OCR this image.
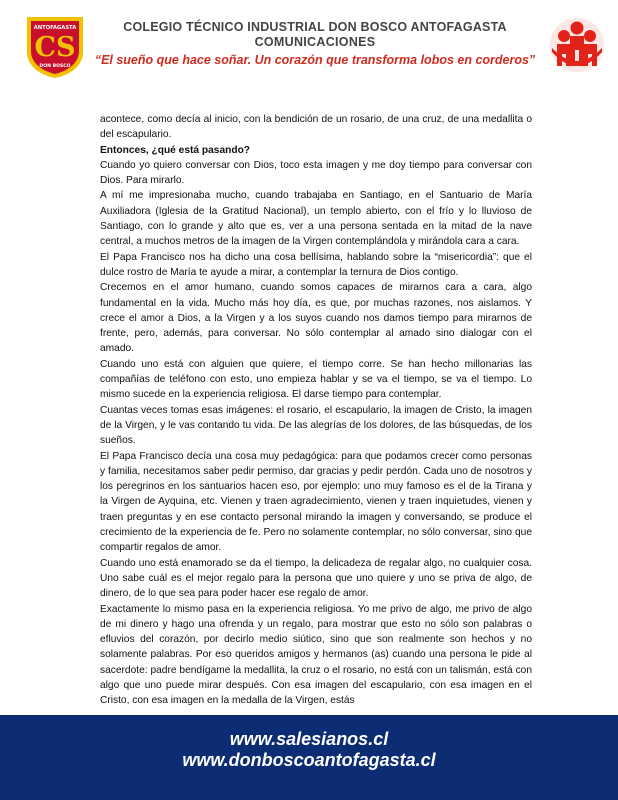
ANTOFAGASTA
CS
DON BOSCO
COLEGIO TÉCNICO INDUSTRIAL DON BOSCO ANTOFAGASTA
COMUNICACIONES
“El sueño que hace soñar. Un corazón que transforma lobos en corderos”

acontece, como decía al inicio, con la bendición de un rosario, de una cruz, de una medallita o del escapulario.

Entonces, ¿qué está pasando?

Cuando yo quiero conversar con Dios, toco esta imagen y me doy tiempo para conversar con Dios. Para mirarlo.

A mí me impresionaba mucho, cuando trabajaba en Santiago, en el Santuario de María Auxiliadora (Iglesia de la Gratitud Nacional), un templo abierto, con el frío y lo lluvioso de Santiago, con lo grande y alto que es, ver a una persona sentada en la mitad de la nave central, a muchos metros de la imagen de la Virgen contemplándola y mirándola cara a cara.

El Papa Francisco nos ha dicho una cosa bellísima, hablando sobre la “misericordia”: que el dulce rostro de María te ayude a mirar, a contemplar la ternura de Dios contigo.

Crecemos en el amor humano, cuando somos capaces de mirarnos cara a cara, algo fundamental en la vida. Mucho más hoy día, es que, por muchas razones, nos aislamos. Y crece el amor a Dios, a la Virgen y a los suyos cuando nos damos tiempo para mirarnos de frente, pero, además, para conversar. No sólo contemplar al amado sino dialogar con el amado.

Cuando uno está con alguien que quiere, el tiempo corre. Se han hecho millonarias las compañías de teléfono con esto, uno empieza hablar y se va el tiempo, se va el tiempo. Lo mismo sucede en la experiencia religiosa. El darse tiempo para contemplar.

Cuantas veces tomas esas imágenes: el rosario, el escapulario, la imagen de Cristo, la imagen de la Virgen, y le vas contando tu vida. De las alegrías de los dolores, de las búsquedas, de los sueños.

El Papa Francisco decía una cosa muy pedagógica: para que podamos crecer como personas y familia, necesitamos saber pedir permiso, dar gracias y pedir perdón. Cada uno de nosotros y los peregrinos en los santuarios hacen eso, por ejemplo: uno muy famoso es el de la Tirana y la Virgen de Ayquina, etc. Vienen y traen agradecimiento, vienen y traen inquietudes, vienen y traen preguntas y en ese contacto personal mirando la imagen y conversando, se produce el crecimiento de la experiencia de fe. Pero no solamente contemplar, no sólo conversar, sino que compartir regalos de amor.

Cuando uno está enamorado se da el tiempo, la delicadeza de regalar algo, no cualquier cosa. Uno sabe cuál es el mejor regalo para la persona que uno quiere y uno se priva de algo, de dinero, de lo que sea para poder hacer ese regalo de amor.

Exactamente lo mismo pasa en la experiencia religiosa. Yo me privo de algo, me privo de algo de mi dinero y hago una ofrenda y un regalo, para mostrar que esto no sólo son palabras o efluvios del corazón, por decirlo medio siútico, sino que son realmente son hechos y no solamente palabras. Por eso queridos amigos y hermanos (as) cuando una persona le pide al sacerdote: padre bendígame la medallita, la cruz o el rosario, no está con un talismán, está con algo que uno puede mirar después. Con esa imagen del escapulario, con esa imagen en el Cristo, con esa imagen en la medalla de la Virgen, estás

www.salesianos.cl
www.donboscoantofagasta.cl
